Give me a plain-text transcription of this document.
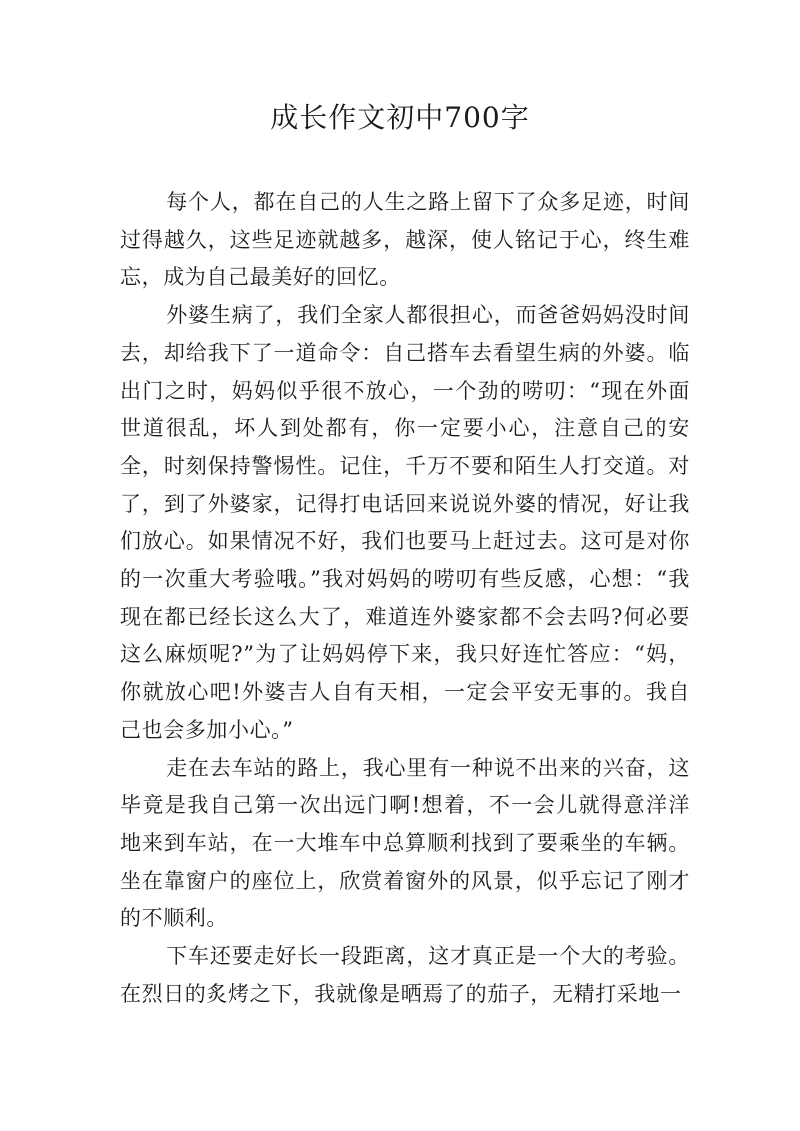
成长作文初中700字

每个人，都在自己的人生之路上留下了众多足迹，时间过得越久，这些足迹就越多，越深，使人铭记于心，终生难忘，成为自己最美好的回忆。

外婆生病了，我们全家人都很担心，而爸爸妈妈没时间去，却给我下了一道命令：自己搭车去看望生病的外婆。临出门之时，妈妈似乎很不放心，一个劲的唠叨：“现在外面世道很乱，坏人到处都有，你一定要小心，注意自己的安全，时刻保持警惕性。记住，千万不要和陌生人打交道。对了，到了外婆家，记得打电话回来说说外婆的情况，好让我们放心。如果情况不好，我们也要马上赶过去。这可是对你的一次重大考验哦。”我对妈妈的唠叨有些反感，心想：“我现在都已经长这么大了，难道连外婆家都不会去吗?何必要这么麻烦呢?”为了让妈妈停下来，我只好连忙答应：“妈，你就放心吧!外婆吉人自有天相，一定会平安无事的。我自己也会多加小心。”

走在去车站的路上，我心里有一种说不出来的兴奋，这毕竟是我自己第一次出远门啊!想着，不一会儿就得意洋洋地来到车站，在一大堆车中总算顺利找到了要乘坐的车辆。坐在靠窗户的座位上，欣赏着窗外的风景，似乎忘记了刚才的不顺利。

下车还要走好长一段距离，这才真正是一个大的考验。在烈日的炙烤之下，我就像是晒焉了的茄子，无精打采地一
